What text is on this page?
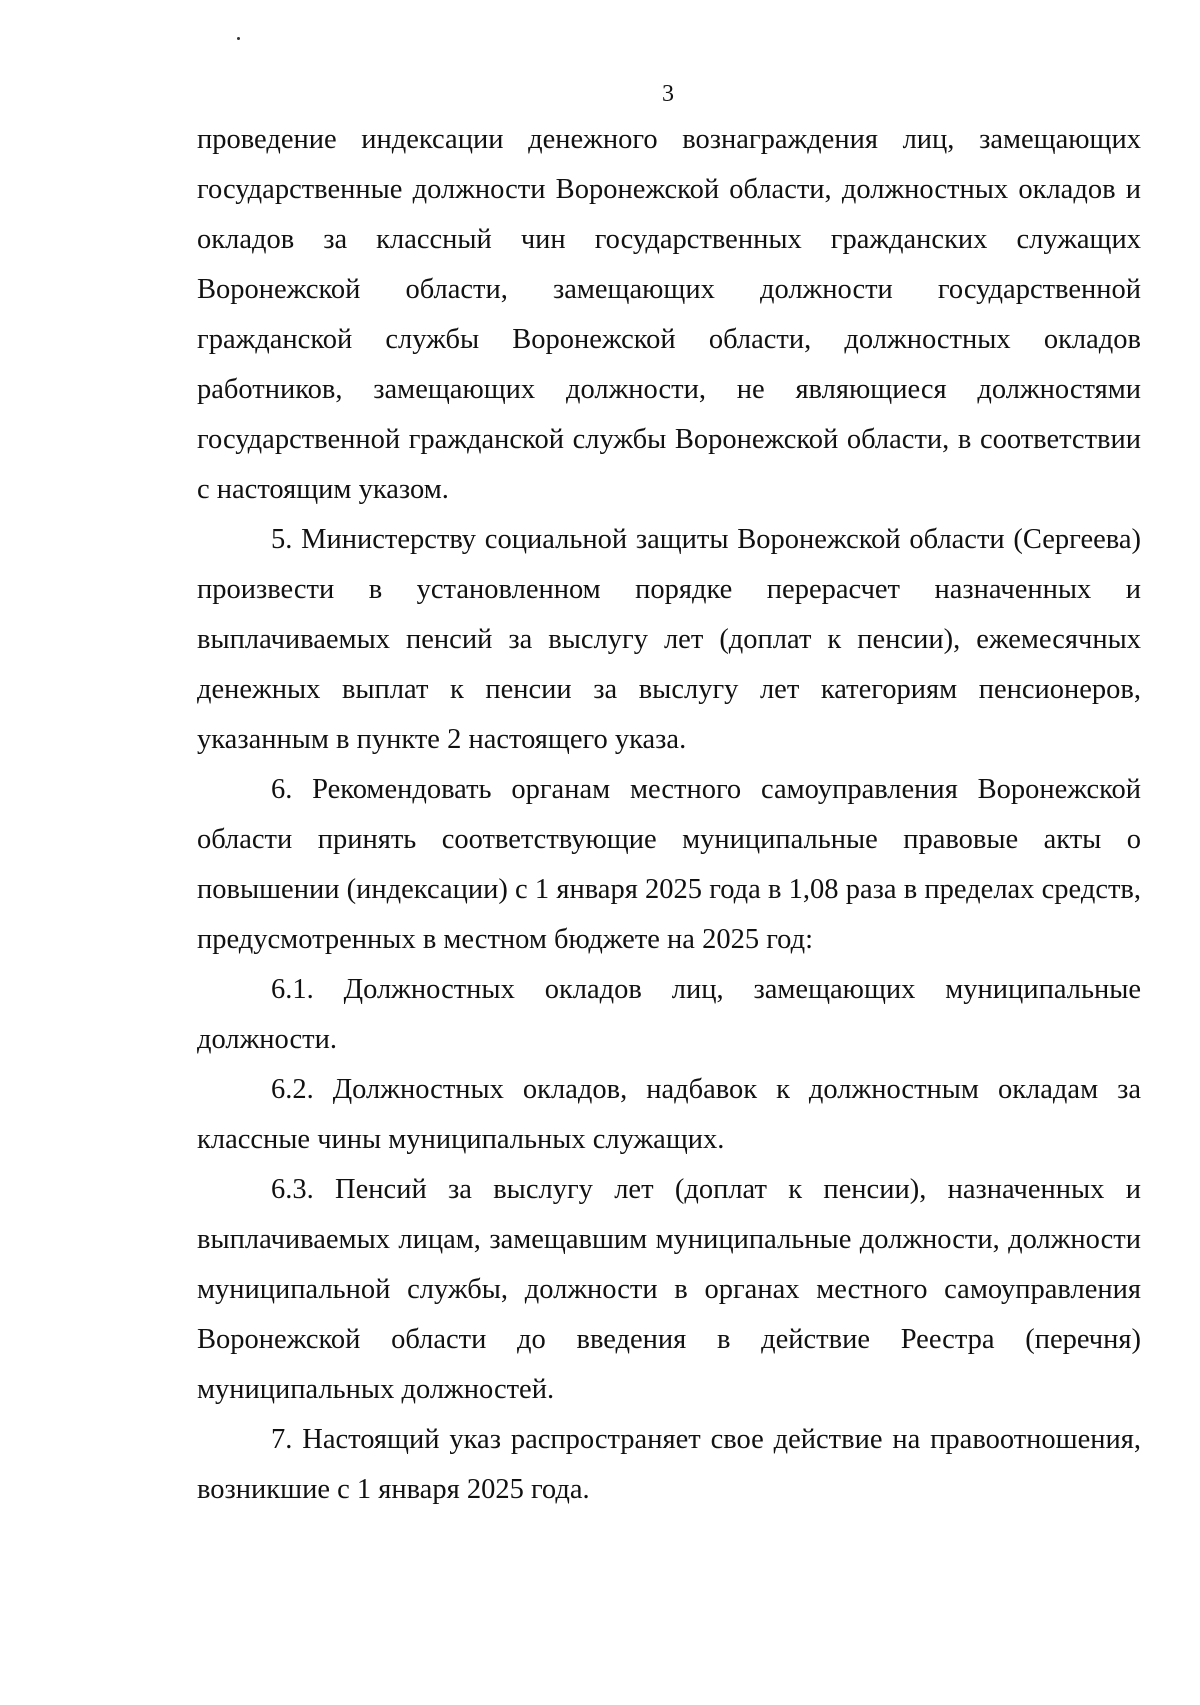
3

проведение индексации денежного вознаграждения лиц, замещающих государственные должности Воронежской области, должностных окладов и окладов за классный чин государственных гражданских служащих Воронежской области, замещающих должности государственной гражданской службы Воронежской области, должностных окладов работников, замещающих должности, не являющиеся должностями государственной гражданской службы Воронежской области, в соответствии с настоящим указом.

5. Министерству социальной защиты Воронежской области (Сергеева) произвести в установленном порядке перерасчет назначенных и выплачиваемых пенсий за выслугу лет (доплат к пенсии), ежемесячных денежных выплат к пенсии за выслугу лет категориям пенсионеров, указанным в пункте 2 настоящего указа.

6. Рекомендовать органам местного самоуправления Воронежской области принять соответствующие муниципальные правовые акты о повышении (индексации) с 1 января 2025 года в 1,08 раза в пределах средств, предусмотренных в местном бюджете на 2025 год:

6.1. Должностных окладов лиц, замещающих муниципальные должности.

6.2. Должностных окладов, надбавок к должностным окладам за классные чины муниципальных служащих.

6.3. Пенсий за выслугу лет (доплат к пенсии), назначенных и выплачиваемых лицам, замещавшим муниципальные должности, должности муниципальной службы, должности в органах местного самоуправления Воронежской области до введения в действие Реестра (перечня) муниципальных должностей.

7. Настоящий указ распространяет свое действие на правоотношения, возникшие с 1 января 2025 года.
